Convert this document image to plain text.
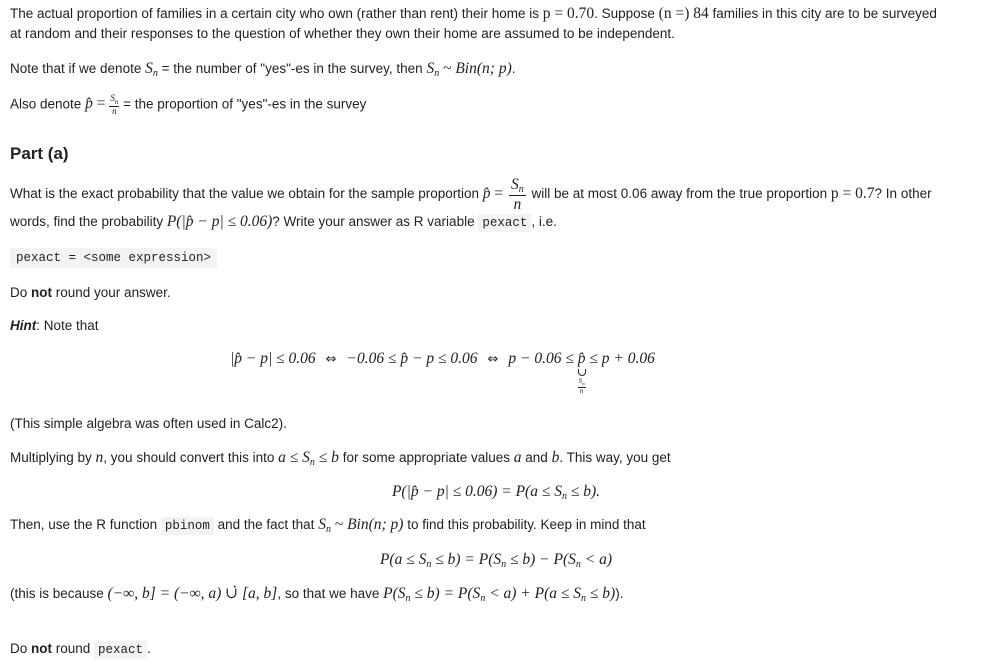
The actual proportion of families in a certain city who own (rather than rent) their home is p = 0.70. Suppose (n =) 84 families in this city are to be surveyed
at random and their responses to the question of whether they own their home are assumed to be independent.
Note that if we denote $S_n$ = the number of "yes"-es in the survey, then $S_n$ ~ Bin(n; p).
Also denote p̂ = $\frac{S_n}{n}$ = the proportion of "yes"-es in the survey
Part (a)
What is the exact probability that the value we obtain for the sample proportion p̂ = $\frac{S_n}{n}$ will be at most 0.06 away from the true proportion p = 0.7? In other
words, find the probability P(|p̂ − p| ≤ 0.06)? Write your answer as R variable pexact , i.e.
pexact = <some expression>
Do not round your answer.
Hint: Note that
|p̂ − p| ≤ 0.06 ⇔ −0.06 ≤ p̂ − p ≤ 0.06 ⇔ p − 0.06 ≤ p̂
$\frac{S_n}{n}$
≤ p + 0.06
(This simple algebra was often used in Calc2).
Multiplying by n, you should convert this into $a \le S_n \le b$ for some appropriate values a and b. This way, you get
P(|p̂ − $p| \le 0.06) = P(a \le S_n \le b)$.
Then, use the R function pbinom and the fact that $S_n$ ~ Bin(n; p) to find this probability. Keep in mind that
$P(a \le S_n \le b) = P(S_n \le b) - P(S_n < a)$
(this is because (−∞, b] = (−∞, a) ∪̇ [a, b], so that we have $P(S_n \le b) = P(S_n < a) + P(a \le S_n \le b)$).
Do not round pexact .
